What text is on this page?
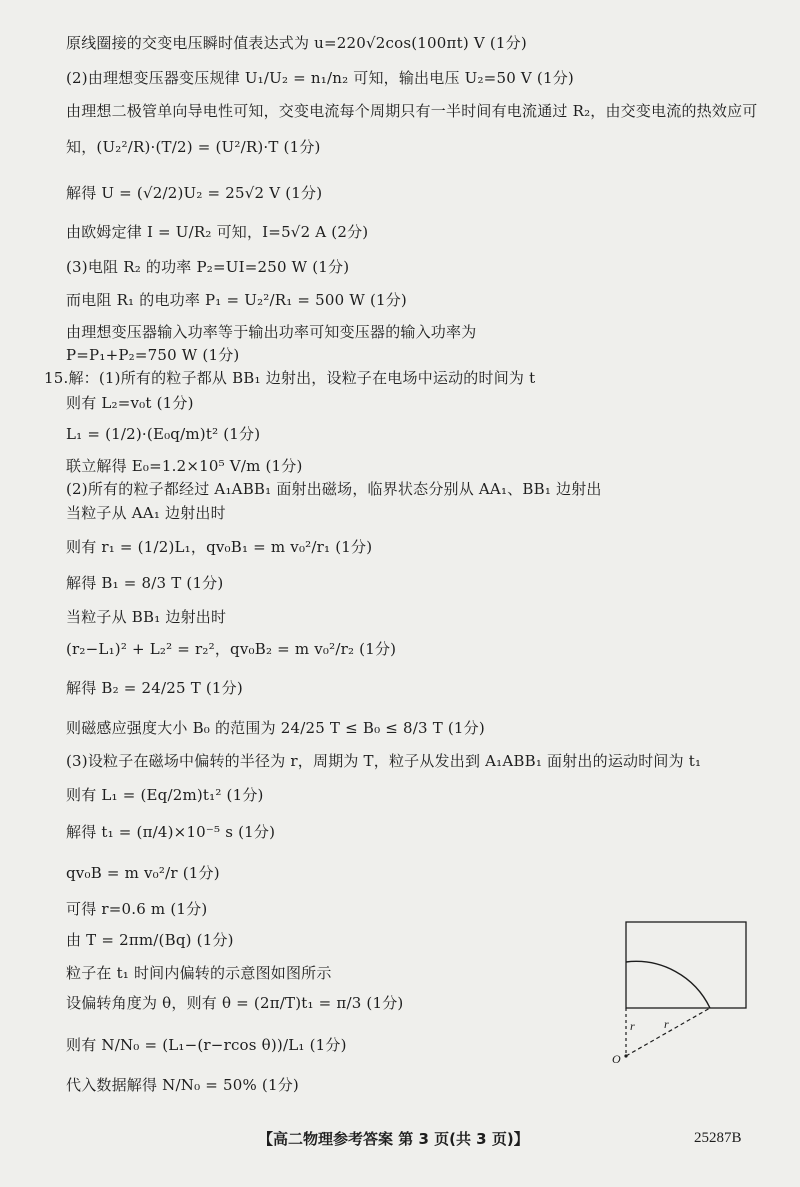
原线圈接的交变电压瞬时值表达式为 u=220√2cos(100πt) V (1分)
(2)由理想变压器变压规律 U₁/U₂ = n₁/n₂ 可知，输出电压 U₂=50 V (1分)
由理想二极管单向导电性可知，交变电流每个周期只有一半时间有电流通过 R₂，由交变电流的热效应可
知，(U₂²/R)·(T/2) = (U²/R)·T (1分)
解得 U = (√2/2)U₂ = 25√2 V (1分)
由欧姆定律 I = U/R₂ 可知，I=5√2 A (2分)
(3)电阻 R₂ 的功率 P₂=UI=250 W (1分)
而电阻 R₁ 的电功率 P₁ = U₂²/R₁ = 500 W (1分)
由理想变压器输入功率等于输出功率可知变压器的输入功率为
P=P₁+P₂=750 W (1分)
15.解：(1)所有的粒子都从 BB₁ 边射出，设粒子在电场中运动的时间为 t
则有 L₂=v₀t (1分)
L₁ = (1/2)·(E₀q/m)t² (1分)
联立解得 E₀=1.2×10⁵ V/m (1分)
(2)所有的粒子都经过 A₁ABB₁ 面射出磁场，临界状态分别从 AA₁、BB₁ 边射出
当粒子从 AA₁ 边射出时
则有 r₁ = (1/2)L₁，qv₀B₁ = m v₀²/r₁ (1分)
解得 B₁ = 8/3 T (1分)
当粒子从 BB₁ 边射出时
(r₂−L₁)² + L₂² = r₂²，qv₀B₂ = m v₀²/r₂ (1分)
解得 B₂ = 24/25 T (1分)
则磁感应强度大小 B₀ 的范围为 24/25 T ≤ B₀ ≤ 8/3 T (1分)
(3)设粒子在磁场中偏转的半径为 r，周期为 T，粒子从发出到 A₁ABB₁ 面射出的运动时间为 t₁
则有 L₁ = (Eq/2m)t₁² (1分)
解得 t₁ = (π/4)×10⁻⁵ s (1分)
qv₀B = m v₀²/r (1分)
可得 r=0.6 m (1分)
由 T = 2πm/(Bq) (1分)
粒子在 t₁ 时间内偏转的示意图如图所示
设偏转角度为 θ，则有 θ = (2π/T)t₁ = π/3 (1分)
则有 N/N₀ = (L₁−(r−rcos θ))/L₁ (1分)
代入数据解得 N/N₀ = 50% (1分)
r r
O
【高二物理参考答案 第 3 页(共 3 页)】	25287B
